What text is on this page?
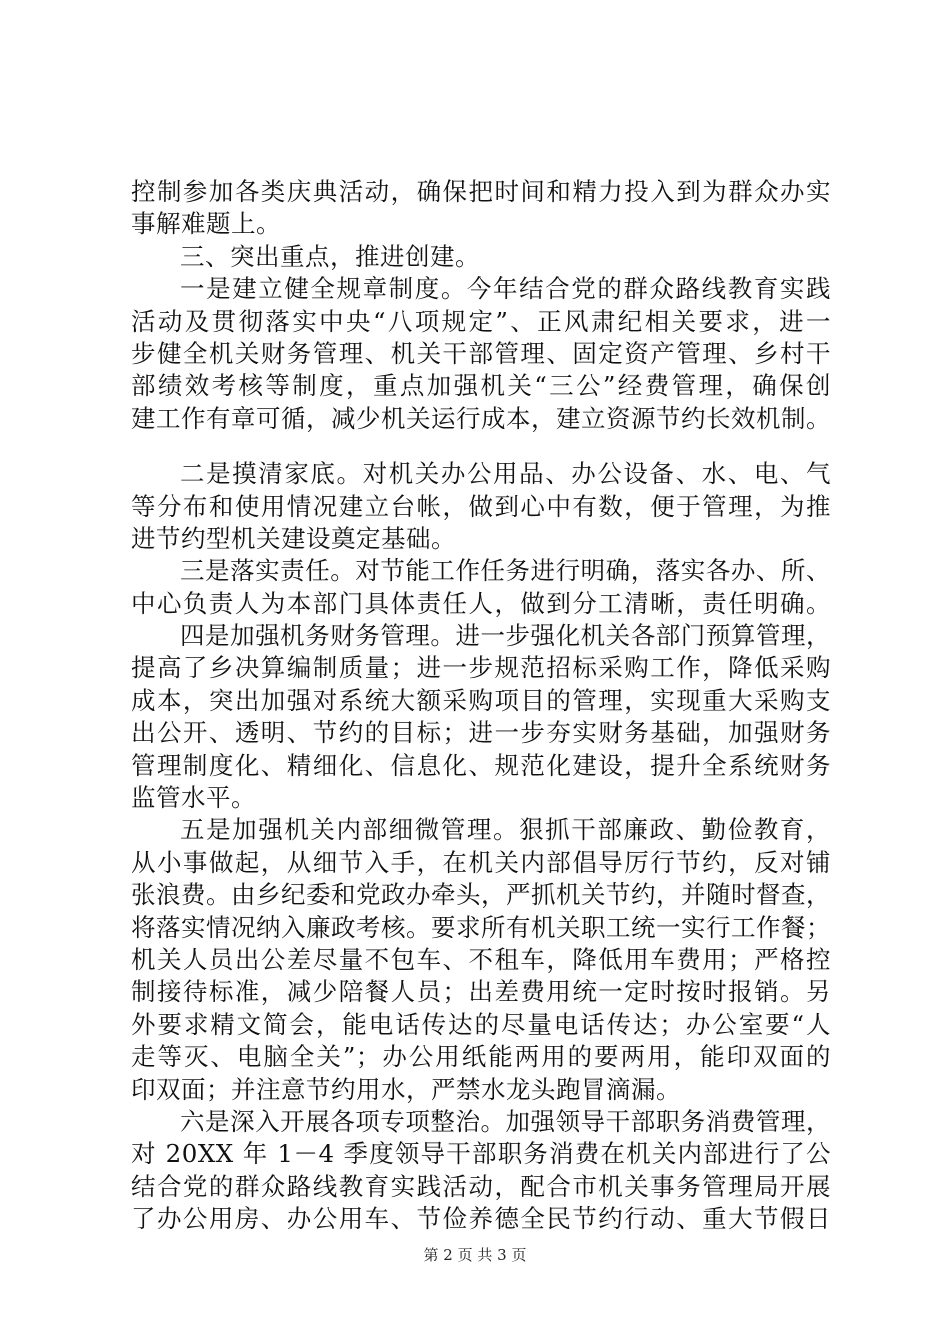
控制参加各类庆典活动，确保把时间和精力投入到为群众办实
事解难题上。
三、突出重点，推进创建。
一是建立健全规章制度。今年结合党的群众路线教育实践
活动及贯彻落实中央“八项规定”、正风肃纪相关要求，进一
步健全机关财务管理、机关干部管理、固定资产管理、乡村干
部绩效考核等制度，重点加强机关“三公”经费管理，确保创
建工作有章可循，减少机关运行成本，建立资源节约长效机制。
二是摸清家底。对机关办公用品、办公设备、水、电、气
等分布和使用情况建立台帐，做到心中有数，便于管理，为推
进节约型机关建设奠定基础。
三是落实责任。对节能工作任务进行明确，落实各办、所、
中心负责人为本部门具体责任人，做到分工清晰，责任明确。
四是加强机务财务管理。进一步强化机关各部门预算管理，
提高了乡决算编制质量；进一步规范招标采购工作，降低采购
成本，突出加强对系统大额采购项目的管理，实现重大采购支
出公开、透明、节约的目标；进一步夯实财务基础，加强财务
管理制度化、精细化、信息化、规范化建设，提升全系统财务
监管水平。
五是加强机关内部细微管理。狠抓干部廉政、勤俭教育，
从小事做起，从细节入手，在机关内部倡导厉行节约，反对铺
张浪费。由乡纪委和党政办牵头，严抓机关节约，并随时督查，
将落实情况纳入廉政考核。要求所有机关职工统一实行工作餐；
机关人员出公差尽量不包车、不租车，降低用车费用；严格控
制接待标准，减少陪餐人员；出差费用统一定时按时报销。另
外要求精文简会，能电话传达的尽量电话传达；办公室要“人
走等灭、电脑全关”；办公用纸能两用的要两用，能印双面的
印双面；并注意节约用水，严禁水龙头跑冒滴漏。
六是深入开展各项专项整治。加强领导干部职务消费管理，
对 20XX 年 1－4 季度领导干部职务消费在机关内部进行了公
结合党的群众路线教育实践活动，配合市机关事务管理局开展
了办公用房、办公用车、节俭养德全民节约行动、重大节假日
第 2 页 共 3 页
